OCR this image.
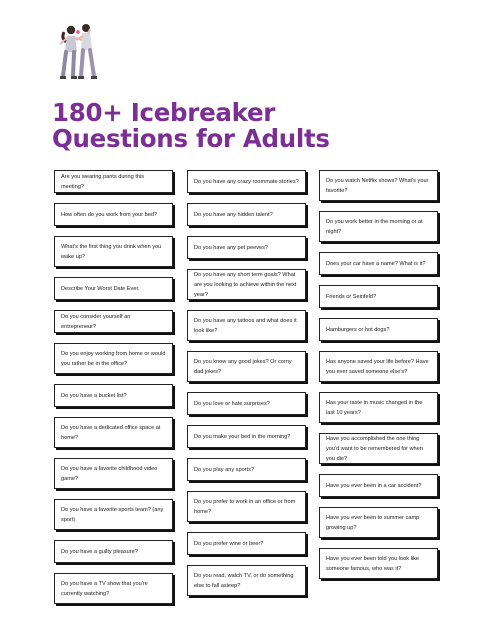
180+ Icebreaker
Questions for Adults
Are you wearing pants during this meeting?
How often do you work from your bed?
What's the first thing you drink when you wake up?
Describe Your Worst Date Ever.
Do you consider yourself an entrepreneur?
Do you enjoy working from home or would you rather be in the office?
Do you have a bucket list?
Do you have a dedicated office space at home?
Do you have a favorite childhood video game?
Do you have a favorite sports team? (any sport)
Do you have a guilty pleasure?
Do you have a TV show that you're currently watching?
Do you have any crazy roommate stories?
Do you have any hidden talent?
Do you have any pet peeves?
Do you have any short term goals? What are you looking to achieve within the next year?
Do you have any tattoos and what does it look like?
Do you know any good jokes? Or corny dad jokes?
Do you love or hate surprises?
Do you make your bed in the morning?
Do you play any sports?
Do you prefer to work in an office or from home?
Do you prefer wine or beer?
Do you read, watch TV, or do something else to fall asleep?
Do you watch Netflix shows? What's your favorite?
Do you work better in the morning or at night?
Does your car have a name? What is it?
Friends or Seinfeld?
Hamburgers or hot dogs?
Has anyone saved your life before? Have you ever saved someone else's?
Has your taste in music changed in the last 10 years?
Have you accomplished the one thing you'd want to be remembered for when you die?
Have you ever been in a car accident?
Have you ever been to summer camp growing up?
Have you ever been told you look like someone famous, who was it?
